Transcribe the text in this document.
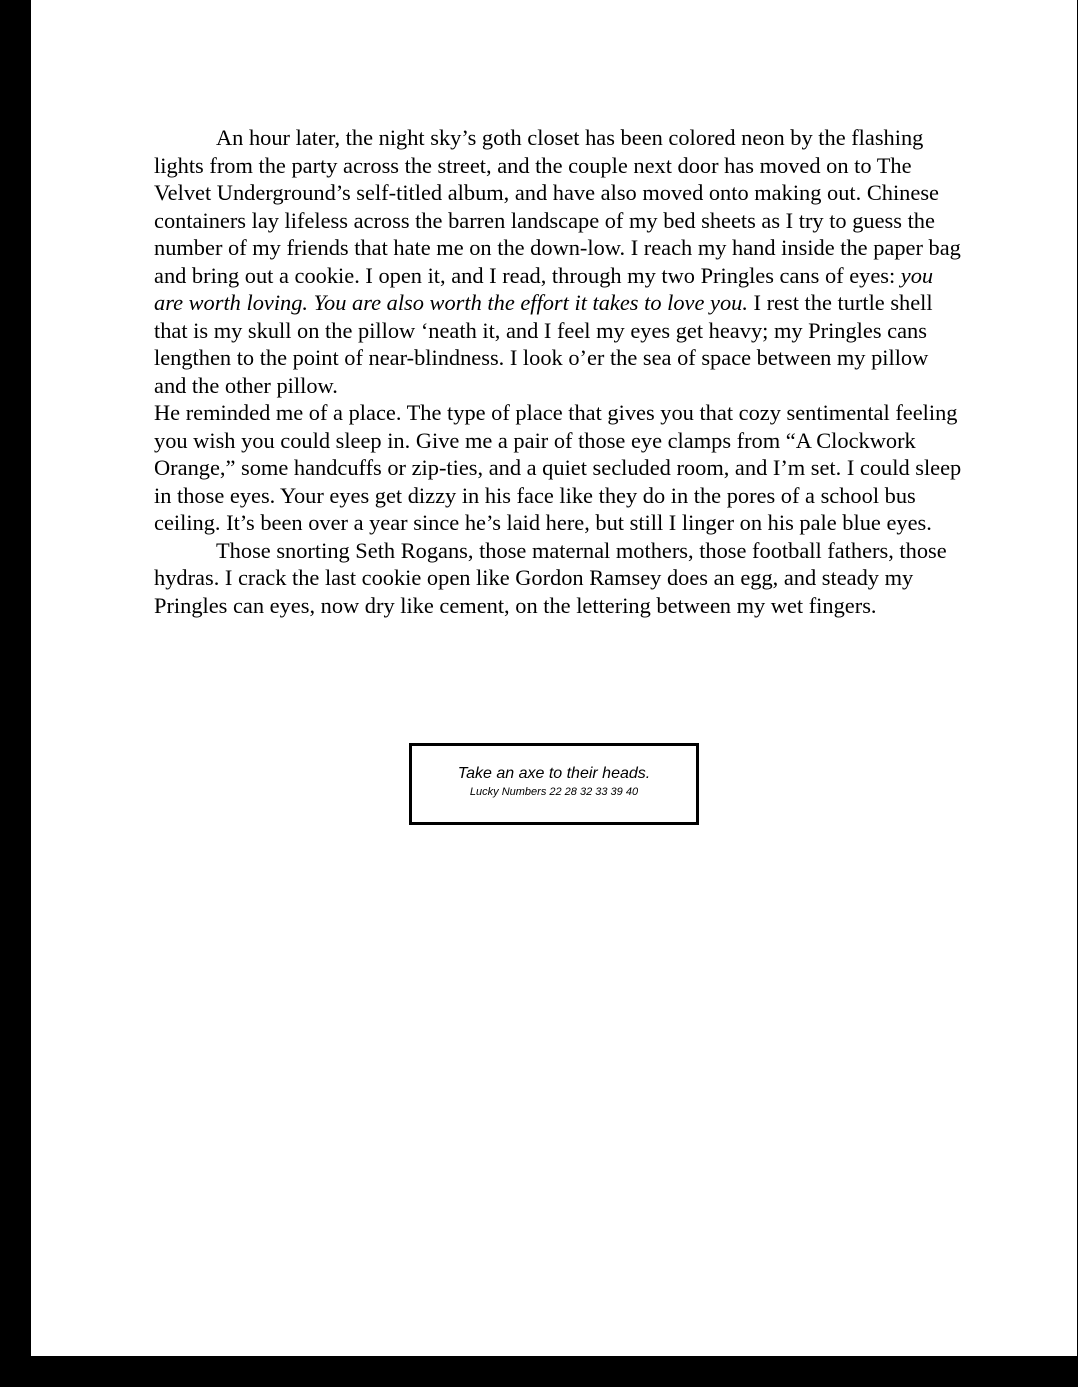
An hour later, the night sky’s goth closet has been colored neon by the flashing lights from the party across the street, and the couple next door has moved on to The Velvet Underground’s self-titled album, and have also moved onto making out. Chinese containers lay lifeless across the barren landscape of my bed sheets as I try to guess the number of my friends that hate me on the down-low. I reach my hand inside the paper bag and bring out a cookie. I open it, and I read, through my two Pringles cans of eyes: you are worth loving. You are also worth the effort it takes to love you. I rest the turtle shell that is my skull on the pillow ‘neath it, and I feel my eyes get heavy; my Pringles cans lengthen to the point of near-blindness. I look o’er the sea of space between my pillow and the other pillow.

He reminded me of a place. The type of place that gives you that cozy sentimental feeling you wish you could sleep in. Give me a pair of those eye clamps from “A Clockwork Orange,” some handcuffs or zip-ties, and a quiet secluded room, and I’m set. I could sleep in those eyes. Your eyes get dizzy in his face like they do in the pores of a school bus ceiling. It’s been over a year since he’s laid here, but still I linger on his pale blue eyes.

Those snorting Seth Rogans, those maternal mothers, those football fathers, those hydras. I crack the last cookie open like Gordon Ramsey does an egg, and steady my Pringles can eyes, now dry like cement, on the lettering between my wet fingers.

Take an axe to their heads.
Lucky Numbers 22 28 32 33 39 40
